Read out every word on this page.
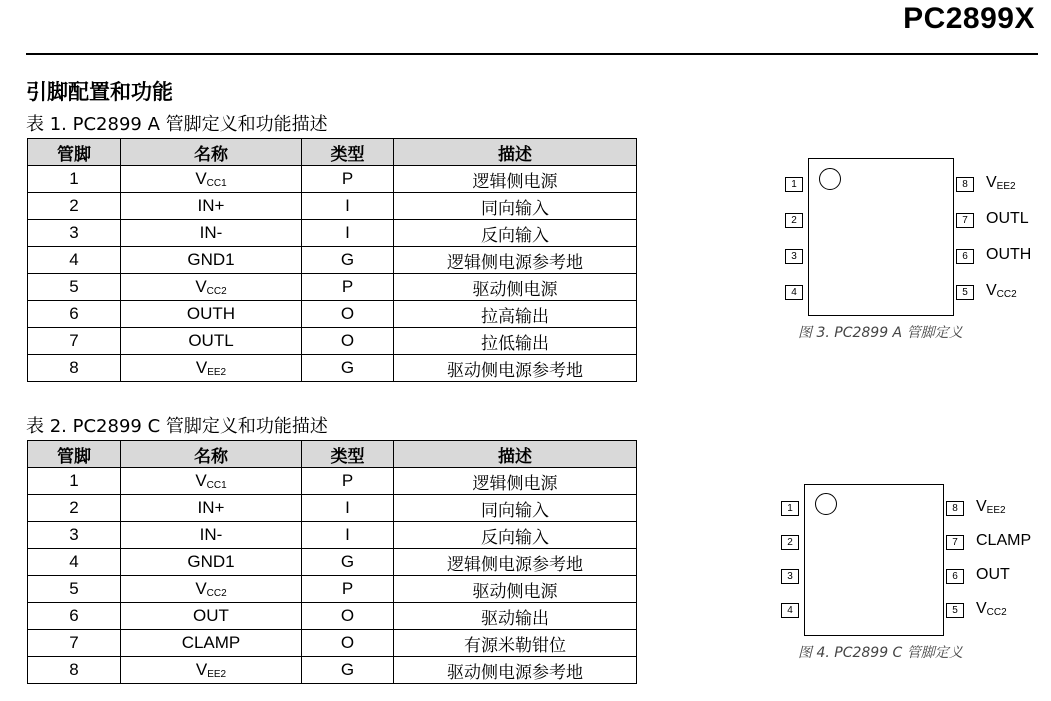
PC2899X
引脚配置和功能
表 1. PC2899 A 管脚定义和功能描述
管脚	名称	类型	描述
1	$V_{CC1}$	P	逻辑侧电源
2	IN+	I	同向输入
3	IN-	I	反向输入
4	GND1	G	逻辑侧电源参考地
5	$V_{CC2}$	P	驱动侧电源
6	OUTH	O	拉高输出
7	OUTL	O	拉低输出
8	$V_{EE2}$	G	驱动侧电源参考地
表 2. PC2899 C 管脚定义和功能描述
管脚	名称	类型	描述
1	$V_{CC1}$	P	逻辑侧电源
2	IN+	I	同向输入
3	IN-	I	反向输入
4	GND1	G	逻辑侧电源参考地
5	$V_{CC2}$	P	驱动侧电源
6	OUT	O	驱动输出
7	CLAMP	O	有源米勒钳位
8	$V_{EE2}$	G	驱动侧电源参考地
1
2
3
4
8	$V_{EE2}$
7	OUTL
6	OUTH
5	$V_{CC2}$
图 3. PC2899 A 管脚定义
1
2
3
4
8	$V_{EE2}$
7	CLAMP
6	OUT
5	$V_{CC2}$
图 4. PC2899 C 管脚定义
